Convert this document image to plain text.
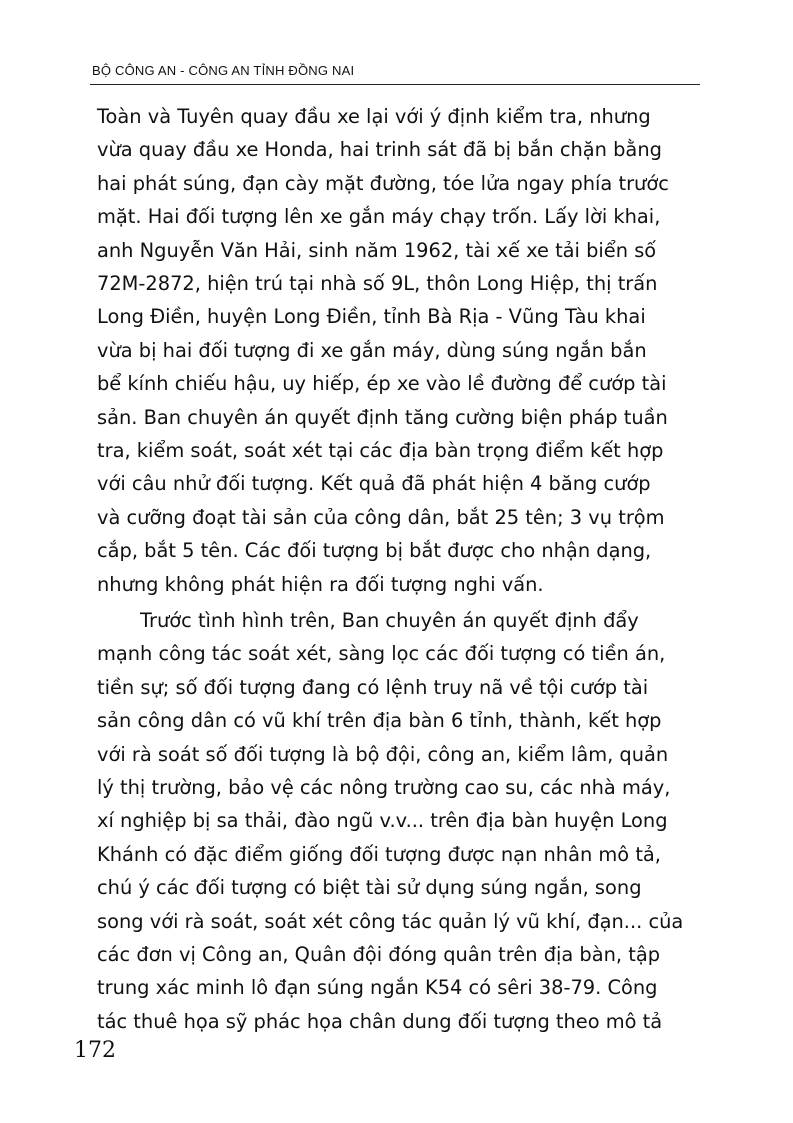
BỘ CÔNG AN - CÔNG AN TỈNH ĐỒNG NAI
Toàn và Tuyên quay đầu xe lại với ý định kiểm tra, nhưng
vừa quay đầu xe Honda, hai trinh sát đã bị bắn chặn bằng
hai phát súng, đạn cày mặt đường, tóe lửa ngay phía trước
mặt. Hai đối tượng lên xe gắn máy chạy trốn. Lấy lời khai,
anh Nguyễn Văn Hải, sinh năm 1962, tài xế xe tải biển số
72M-2872, hiện trú tại nhà số 9L, thôn Long Hiệp, thị trấn
Long Điền, huyện Long Điền, tỉnh Bà Rịa - Vũng Tàu khai
vừa bị hai đối tượng đi xe gắn máy, dùng súng ngắn bắn
bể kính chiếu hậu, uy hiếp, ép xe vào lề đường để cướp tài
sản. Ban chuyên án quyết định tăng cường biện pháp tuần
tra, kiểm soát, soát xét tại các địa bàn trọng điểm kết hợp
với câu nhử đối tượng. Kết quả đã phát hiện 4 băng cướp
và cưỡng đoạt tài sản của công dân, bắt 25 tên; 3 vụ trộm
cắp, bắt 5 tên. Các đối tượng bị bắt được cho nhận dạng,
nhưng không phát hiện ra đối tượng nghi vấn.
Trước tình hình trên, Ban chuyên án quyết định đẩy
mạnh công tác soát xét, sàng lọc các đối tượng có tiền án,
tiền sự; số đối tượng đang có lệnh truy nã về tội cướp tài
sản công dân có vũ khí trên địa bàn 6 tỉnh, thành, kết hợp
với rà soát số đối tượng là bộ đội, công an, kiểm lâm, quản
lý thị trường, bảo vệ các nông trường cao su, các nhà máy,
xí nghiệp bị sa thải, đào ngũ v.v... trên địa bàn huyện Long
Khánh có đặc điểm giống đối tượng được nạn nhân mô tả,
chú ý các đối tượng có biệt tài sử dụng súng ngắn, song
song với rà soát, soát xét công tác quản lý vũ khí, đạn... của
các đơn vị Công an, Quân đội đóng quân trên địa bàn, tập
trung xác minh lô đạn súng ngắn K54 có sêri 38-79. Công
tác thuê họa sỹ phác họa chân dung đối tượng theo mô tả
172
